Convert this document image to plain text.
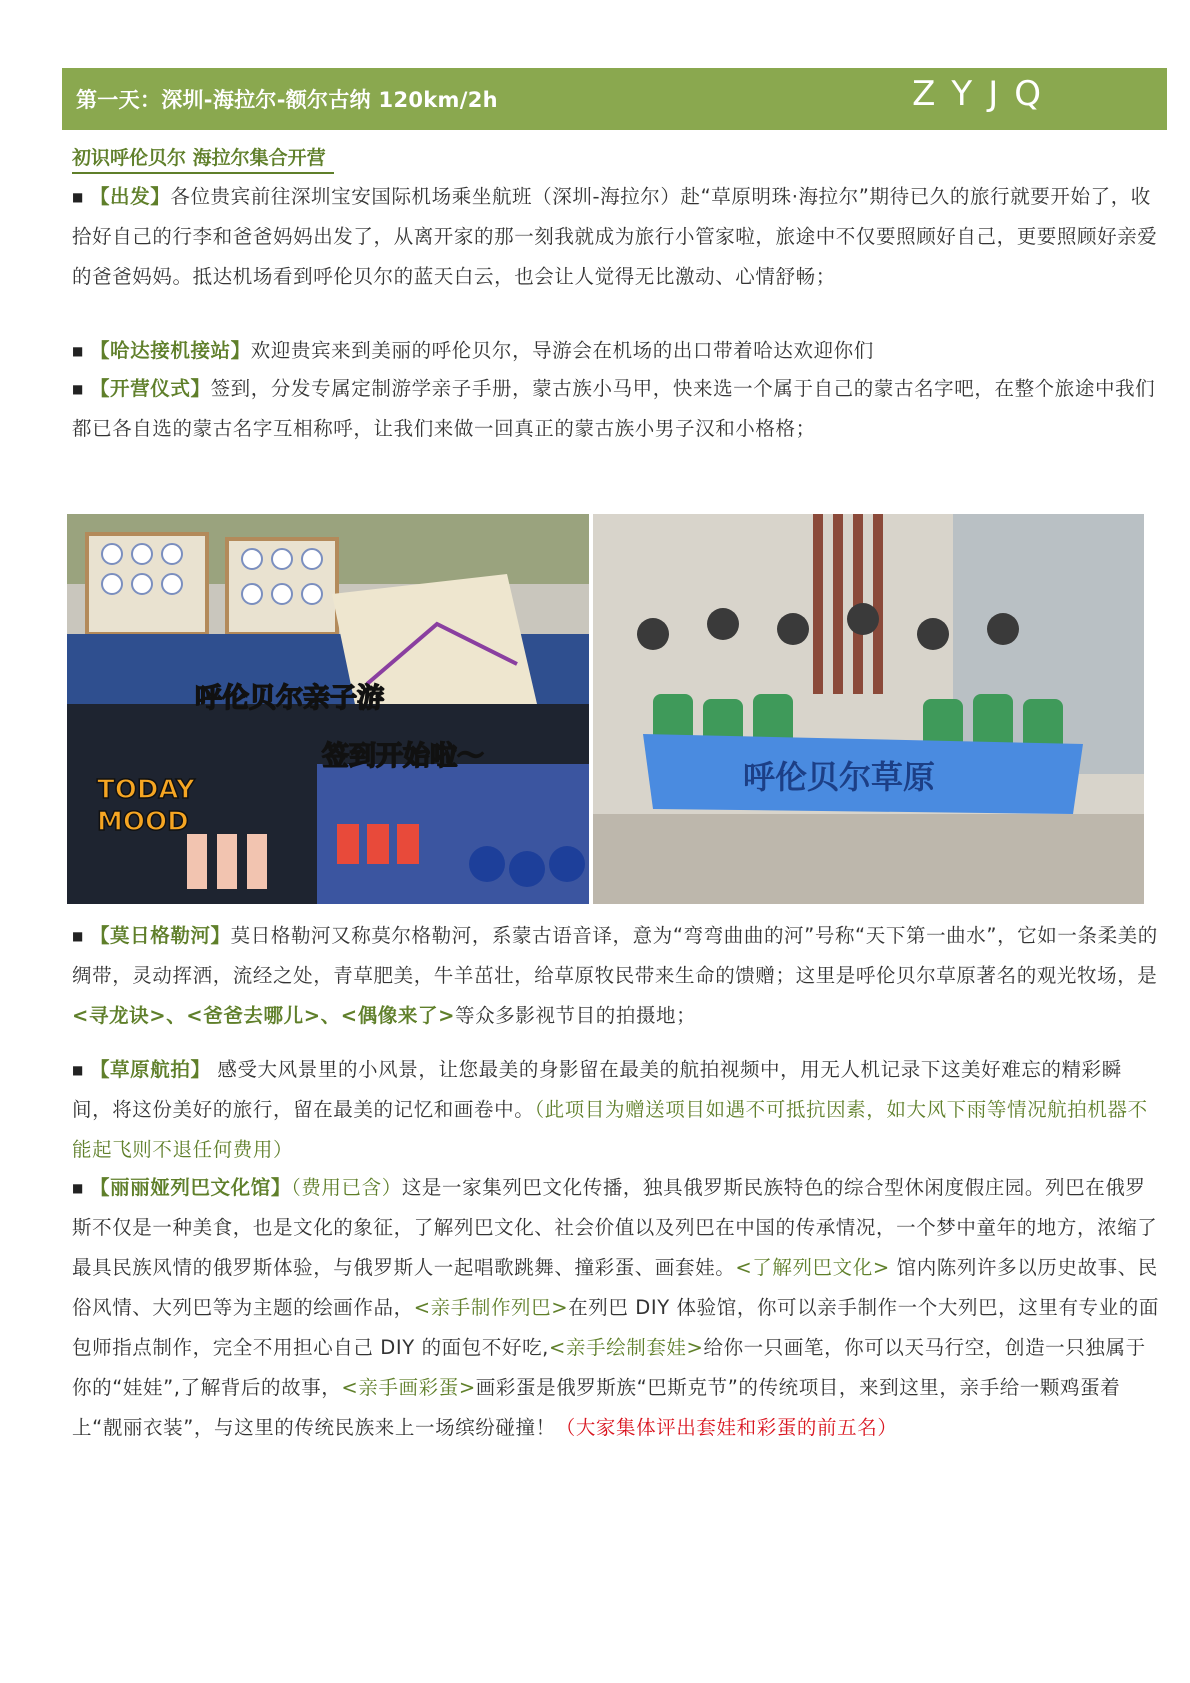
第一天：深圳-海拉尔-额尔古纳 120km/2h	ZYJQ
初识呼伦贝尔 海拉尔集合开营
■ 【出发】各位贵宾前往深圳宝安国际机场乘坐航班（深圳-海拉尔）赴“草原明珠·海拉尔”期待已久的旅行就要开始了，收拾好自己的行李和爸爸妈妈出发了，从离开家的那一刻我就成为旅行小管家啦，旅途中不仅要照顾好自己，更要照顾好亲爱的爸爸妈妈。抵达机场看到呼伦贝尔的蓝天白云，也会让人觉得无比激动、心情舒畅；
■ 【哈达接机接站】欢迎贵宾来到美丽的呼伦贝尔，导游会在机场的出口带着哈达欢迎你们
■ 【开营仪式】签到，分发专属定制游学亲子手册，蒙古族小马甲，快来选一个属于自己的蒙古名字吧，在整个旅途中我们都已各自选的蒙古名字互相称呼，让我们来做一回真正的蒙古族小男子汉和小格格；
呼伦贝尔亲子游
签到开始啦～
TODAY MOOD
呼伦贝尔草原
■ 【莫日格勒河】莫日格勒河又称莫尔格勒河，系蒙古语音译，意为“弯弯曲曲的河”号称“天下第一曲水”，它如一条柔美的绸带，灵动挥洒，流经之处，青草肥美，牛羊茁壮，给草原牧民带来生命的馈赠；这里是呼伦贝尔草原著名的观光牧场，是<寻龙诀>、<爸爸去哪儿>、<偶像来了>等众多影视节目的拍摄地；
■ 【草原航拍】 感受大风景里的小风景，让您最美的身影留在最美的航拍视频中，用无人机记录下这美好难忘的精彩瞬间，将这份美好的旅行，留在最美的记忆和画卷中。（此项目为赠送项目如遇不可抵抗因素，如大风下雨等情况航拍机器不能起飞则不退任何费用）
■ 【丽丽娅列巴文化馆】（费用已含）这是一家集列巴文化传播，独具俄罗斯民族特色的综合型休闲度假庄园。列巴在俄罗斯不仅是一种美食，也是文化的象征，了解列巴文化、社会价值以及列巴在中国的传承情况，一个梦中童年的地方，浓缩了最具民族风情的俄罗斯体验，与俄罗斯人一起唱歌跳舞、撞彩蛋、画套娃。<了解列巴文化> 馆内陈列许多以历史故事、民俗风情、大列巴等为主题的绘画作品，<亲手制作列巴>在列巴 DIY 体验馆，你可以亲手制作一个大列巴，这里有专业的面包师指点制作，完全不用担心自己 DIY 的面包不好吃,<亲手绘制套娃>给你一只画笔，你可以天马行空，创造一只独属于你的“娃娃”,了解背后的故事，<亲手画彩蛋>画彩蛋是俄罗斯族“巴斯克节”的传统项目，来到这里，亲手给一颗鸡蛋着上“靓丽衣装”，与这里的传统民族来上一场缤纷碰撞！（大家集体评出套娃和彩蛋的前五名）
